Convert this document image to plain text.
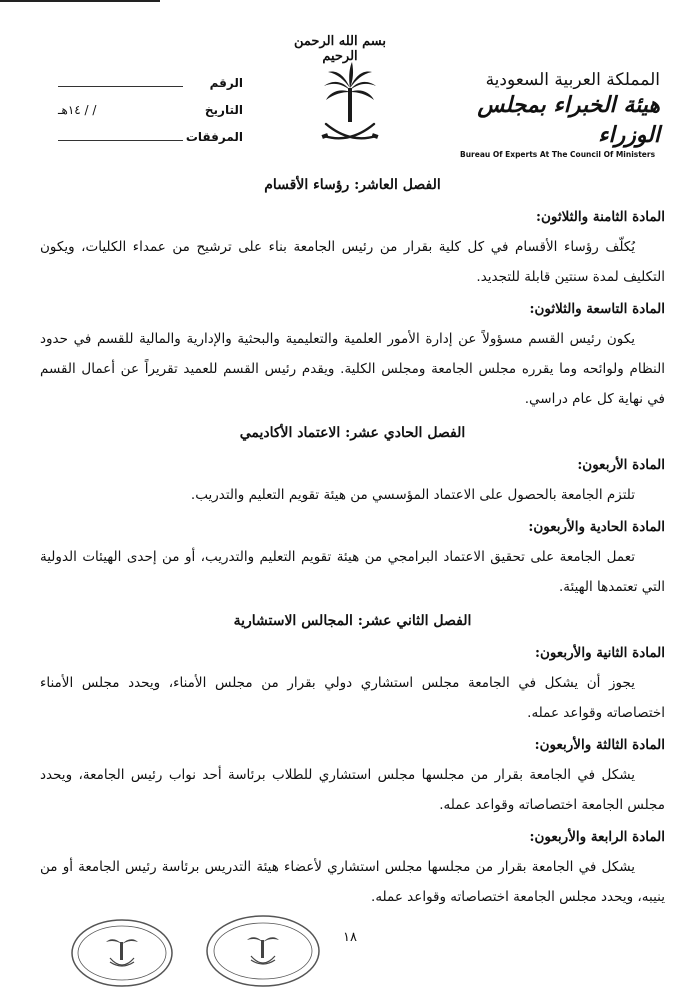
بسم الله الرحمن الرحيم
الرقم
التاريخ
/ / ١٤هـ
المرفقات
المملكة العربية السعودية
هيئة الخبراء بمجلس الوزراء
Bureau Of Experts At The Council Of Ministers
الفصل العاشر: رؤساء الأقسام
المادة الثامنة والثلاثون:
يُكلّف رؤساء الأقسام في كل كلية بقرار من رئيس الجامعة بناء على ترشيح من عمداء الكليات، ويكون التكليف لمدة سنتين قابلة للتجديد.
المادة التاسعة والثلاثون:
يكون رئيس القسم مسؤولاً عن إدارة الأمور العلمية والتعليمية والبحثية والإدارية والمالية للقسم في حدود النظام ولوائحه وما يقرره مجلس الجامعة ومجلس الكلية. ويقدم رئيس القسم للعميد تقريراً عن أعمال القسم في نهاية كل عام دراسي.
الفصل الحادي عشر: الاعتماد الأكاديمي
المادة الأربعون:
تلتزم الجامعة بالحصول على الاعتماد المؤسسي من هيئة تقويم التعليم والتدريب.
المادة الحادية والأربعون:
تعمل الجامعة على تحقيق الاعتماد البرامجي من هيئة تقويم التعليم والتدريب، أو من إحدى الهيئات الدولية التي تعتمدها الهيئة.
الفصل الثاني عشر: المجالس الاستشارية
المادة الثانية والأربعون:
يجوز أن يشكل في الجامعة مجلس استشاري دولي بقرار من مجلس الأمناء، ويحدد مجلس الأمناء اختصاصاته وقواعد عمله.
المادة الثالثة والأربعون:
يشكل في الجامعة بقرار من مجلسها مجلس استشاري للطلاب برئاسة أحد نواب رئيس الجامعة، ويحدد مجلس الجامعة اختصاصاته وقواعد عمله.
المادة الرابعة والأربعون:
يشكل في الجامعة بقرار من مجلسها مجلس استشاري لأعضاء هيئة التدريس برئاسة رئيس الجامعة أو من ينيبه، ويحدد مجلس الجامعة اختصاصاته وقواعد عمله.
١٨
